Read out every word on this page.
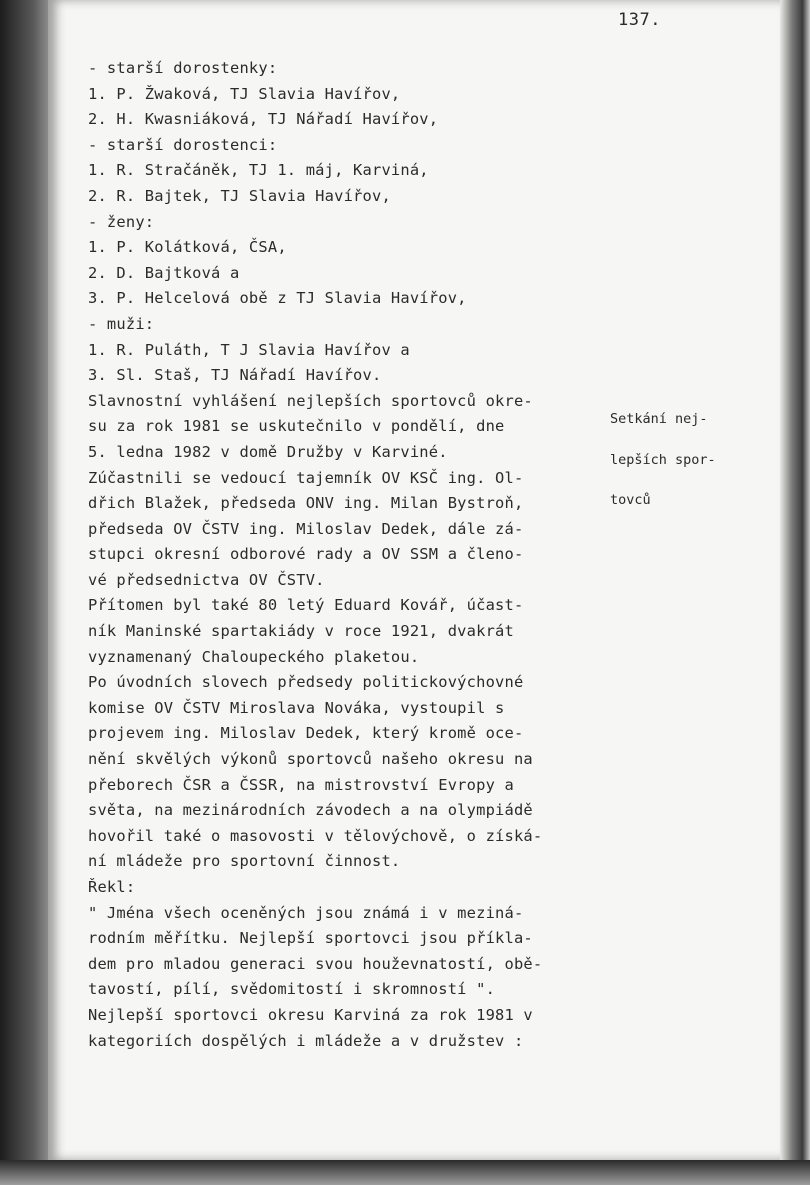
137.
- starší dorostenky:
1. P. Žwaková, TJ Slavia Havířov,
2. H. Kwasniáková, TJ Nářadí Havířov,
- starší dorostenci:
1. R. Stračáněk, TJ 1. máj, Karviná,
2. R. Bajtek, TJ Slavia Havířov,
- ženy:
1. P. Kolátková, ČSA,
2. D. Bajtková a
3. P. Helcelová obě z TJ Slavia Havířov,
- muži:
1. R. Puláth, T J Slavia Havířov a
3. Sl. Staš, TJ Nářadí Havířov.
Slavnostní vyhlášení nejlepších sportovců okre-
su za rok 1981 se uskutečnilo v pondělí, dne
5. ledna 1982 v domě Družby v Karviné.
Zúčastnili se vedoucí tajemník OV KSČ ing. Ol-
dřich Blažek, předseda ONV ing. Milan Bystroň,
předseda OV ČSTV ing. Miloslav Dedek, dále zá-
stupci okresní odborové rady a OV SSM a členo-
vé předsednictva OV ČSTV.
Přítomen byl také 80 letý Eduard Kovář, účast-
ník Maninské spartakiády v roce 1921, dvakrát
vyznamenaný Chaloupeckého plaketou.
Po úvodních slovech předsedy politickovýchovné
komise OV ČSTV Miroslava Nováka, vystoupil s
projevem ing. Miloslav Dedek, který kromě oce-
nění skvělých výkonů sportovců našeho okresu na
přeborech ČSR a ČSSR, na mistrovství Evropy a
světa, na mezinárodních závodech a na olympiádě
hovořil také o masovosti v tělovýchově, o získá-
ní mládeže pro sportovní činnost.
Řekl:
" Jména všech oceněných jsou známá i v meziná-
rodním měřítku. Nejlepší sportovci jsou příkla-
dem pro mladou generaci svou houževnatostí, obě-
tavostí, pílí, svědomitostí i skromností ".
Nejlepší sportovci okresu Karviná za rok 1981 v
kategoriích dospělých i mládeže a v družstev :

Setkání nej-

lepších spor-

tovců
